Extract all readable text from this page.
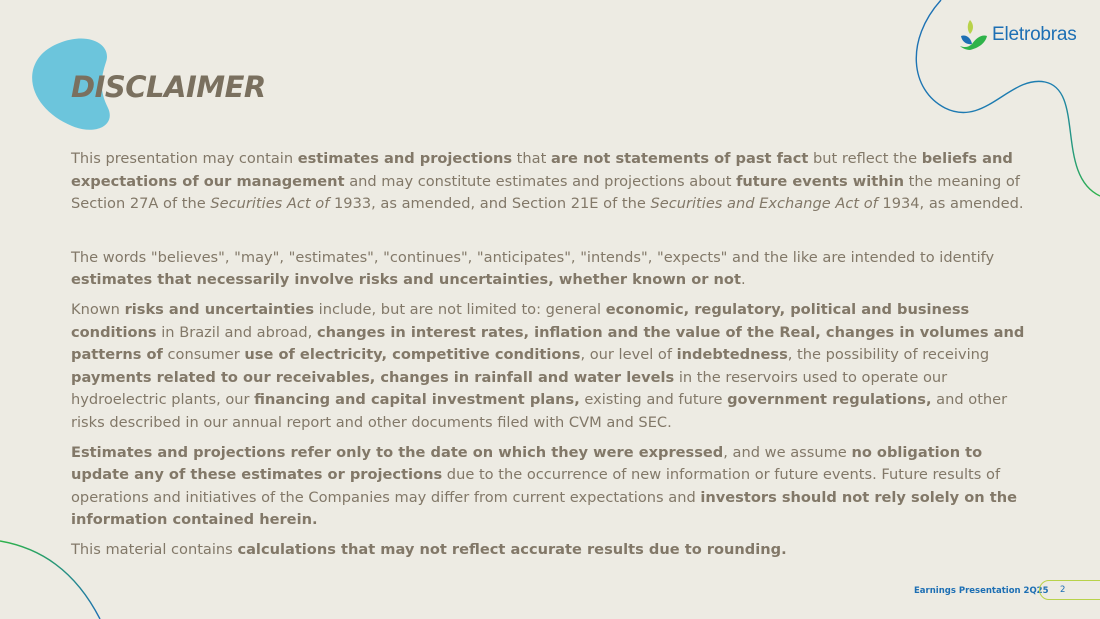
Eletrobras
DISCLAIMER

This presentation may contain estimates and projections that are not statements of past fact but reflect the beliefs and expectations of our management and may constitute estimates and projections about future events within the meaning of Section 27A of the Securities Act of 1933, as amended, and Section 21E of the Securities and Exchange Act of 1934, as amended.

The words "believes", "may", "estimates", "continues", "anticipates", "intends", "expects" and the like are intended to identify estimates that necessarily involve risks and uncertainties, whether known or not.

Known risks and uncertainties include, but are not limited to: general economic, regulatory, political and business conditions in Brazil and abroad, changes in interest rates, inflation and the value of the Real, changes in volumes and patterns of consumer use of electricity, competitive conditions, our level of indebtedness, the possibility of receiving payments related to our receivables, changes in rainfall and water levels in the reservoirs used to operate our hydroelectric plants, our financing and capital investment plans, existing and future government regulations, and other risks described in our annual report and other documents filed with CVM and SEC.

Estimates and projections refer only to the date on which they were expressed, and we assume no obligation to update any of these estimates or projections due to the occurrence of new information or future events. Future results of operations and initiatives of the Companies may differ from current expectations and investors should not rely solely on the information contained herein.

This material contains calculations that may not reflect accurate results due to rounding.

Earnings Presentation 2Q25 2
